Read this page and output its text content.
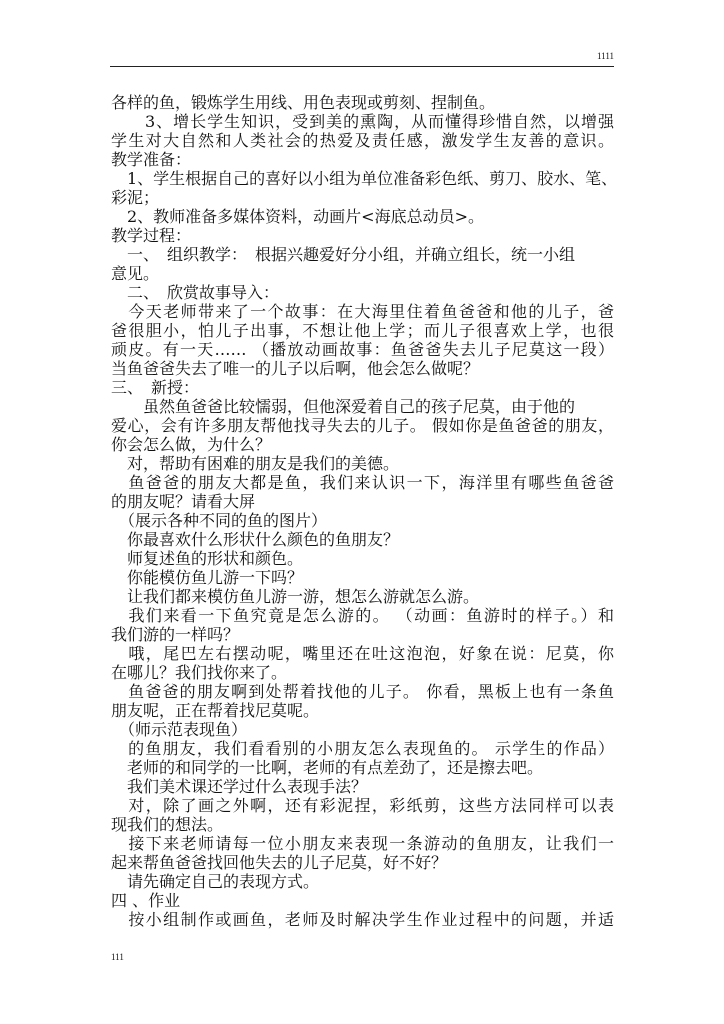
1111
各样的鱼，锻炼学生用线、用色表现或剪刻、捏制鱼。
　　3、增长学生知识，受到美的熏陶，从而懂得珍惜自然，以增强
学生对大自然和人类社会的热爱及责任感，激发学生友善的意识。
教学准备：
　1、学生根据自己的喜好以小组为单位准备彩色纸、剪刀、胶水、笔、
彩泥；
　2、教师准备多媒体资料，动画片<海底总动员>。
教学过程：
　一、　组织教学：　根据兴趣爱好分小组，并确立组长，统一小组
意见。
　二、　欣赏故事导入：
　今天老师带来了一个故事：在大海里住着鱼爸爸和他的儿子，爸
爸很胆小，怕儿子出事，不想让他上学；而儿子很喜欢上学，也很
顽皮。有一天…… （播放动画故事：鱼爸爸失去儿子尼莫这一段）
当鱼爸爸失去了唯一的儿子以后啊，他会怎么做呢？
三、　新授：
　　虽然鱼爸爸比较懦弱，但他深爱着自己的孩子尼莫，由于他的
爱心，会有许多朋友帮他找寻失去的儿子。 假如你是鱼爸爸的朋友，
你会怎么做，为什么？
　对，帮助有困难的朋友是我们的美德。
　鱼爸爸的朋友大都是鱼，我们来认识一下，海洋里有哪些鱼爸爸
的朋友呢？请看大屏
　（展示各种不同的鱼的图片）
　你最喜欢什么形状什么颜色的鱼朋友？
　师复述鱼的形状和颜色。
　你能模仿鱼儿游一下吗？
　让我们都来模仿鱼儿游一游，想怎么游就怎么游。
　我们来看一下鱼究竟是怎么游的。 （动画：鱼游时的样子。）和
我们游的一样吗？
　哦，尾巴左右摆动呢，嘴里还在吐这泡泡，好象在说：尼莫，你
在哪儿？我们找你来了。
　鱼爸爸的朋友啊到处帮着找他的儿子。 你看，黑板上也有一条鱼
朋友呢，正在帮着找尼莫呢。
　（师示范表现鱼）
　的鱼朋友，我们看看别的小朋友怎么表现鱼的。 示学生的作品）
　老师的和同学的一比啊，老师的有点差劲了，还是擦去吧。
　我们美术课还学过什么表现手法？
　对，除了画之外啊，还有彩泥捏，彩纸剪，这些方法同样可以表
现我们的想法。
　接下来老师请每一位小朋友来表现一条游动的鱼朋友，让我们一
起来帮鱼爸爸找回他失去的儿子尼莫，好不好？
　请先确定自己的表现方式。
四 、作业
　按小组制作或画鱼，老师及时解决学生作业过程中的问题，并适
111
